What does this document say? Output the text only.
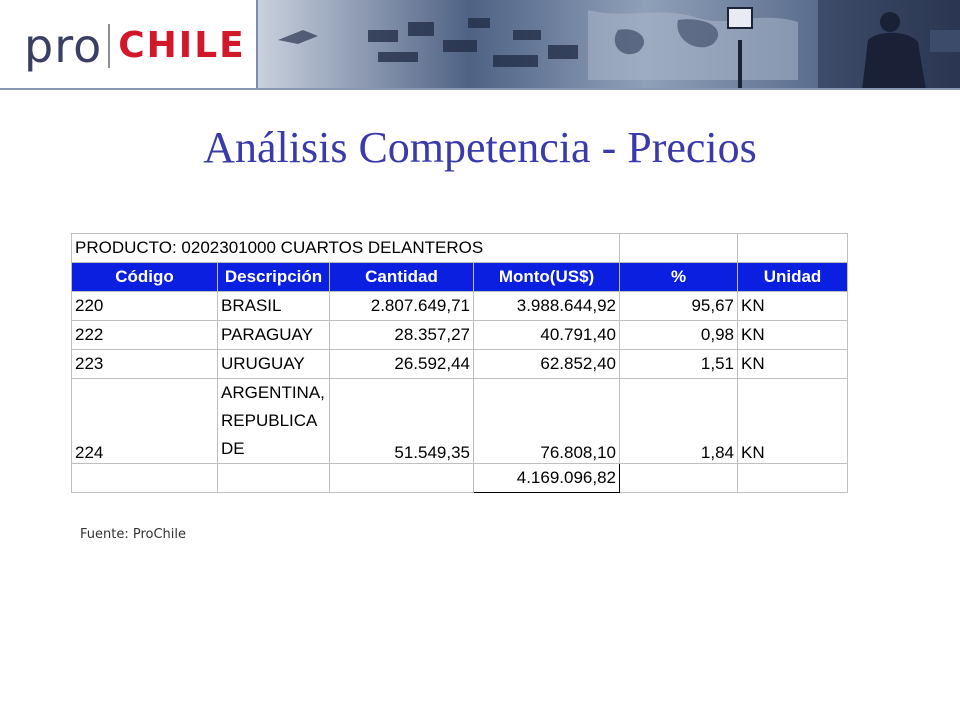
pro CHILE
Análisis Competencia - Precios
PRODUCTO: 0202301000 CUARTOS DELANTEROS					
Código	Descripción	Cantidad	Monto(US$)	%	Unidad
220	BRASIL	2.807.649,71	3.988.644,92	95,67	KN
222	PARAGUAY	28.357,27	40.791,40	0,98	KN
223	URUGUAY	26.592,44	62.852,40	1,51	KN
224	ARGENTINA, REPUBLICA DE	51.549,35	76.808,10	1,84	KN
			4.169.096,82		
Fuente: ProChile
